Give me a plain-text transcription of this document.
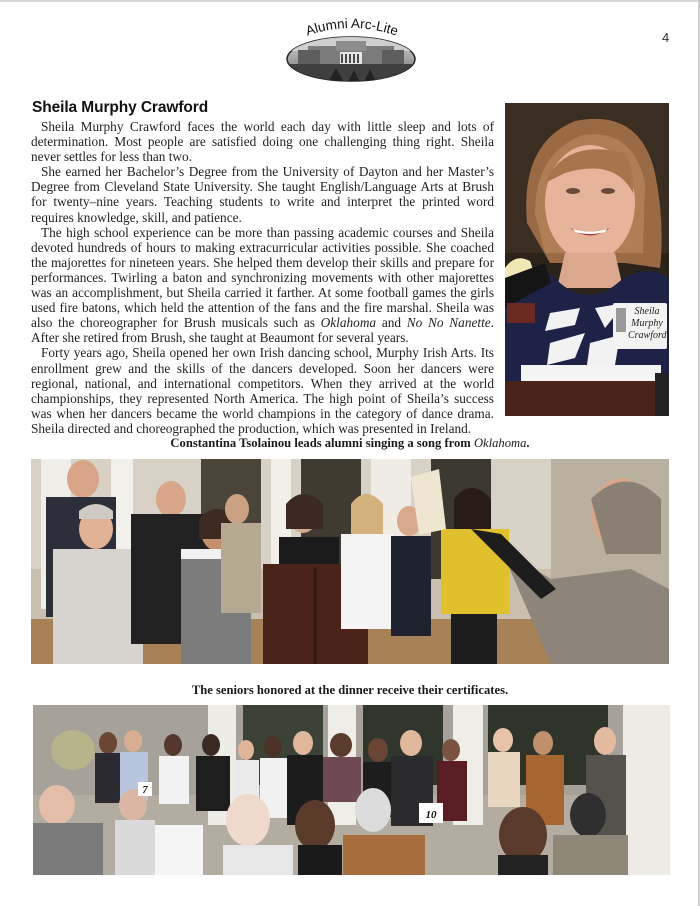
Alumni Arc-Lite	4
Sheila Murphy Crawford

Sheila Murphy Crawford faces the world each day with little sleep and lots of determination. Most people are satisfied doing one challenging thing right. Sheila never settles for less than two.

She earned her Bachelor’s Degree from the University of Dayton and her Master’s Degree from Cleveland State University. She taught English/Language Arts at Brush for twenty–nine years. Teaching students to write and interpret the printed word requires knowledge, skill, and patience.

The high school experience can be more than passing academic courses and Sheila devoted hundreds of hours to making extracurricular activities possible. She coached the majorettes for nineteen years. She helped them develop their skills and prepare for performances. Twirling a baton and synchronizing movements with other majorettes was an accomplishment, but Sheila carried it farther. At some football games the girls used fire batons, which held the attention of the fans and the fire marshal. Sheila was also the choreographer for Brush musicals such as Oklahoma and No No Nanette. After she retired from Brush, she taught at Beaumont for several years.

Forty years ago, Sheila opened her own Irish dancing school, Murphy Irish Arts. Its enrollment grew and the skills of the dancers developed. Soon her dancers were regional, national, and international competitors. When they arrived at the world championships, they represented North America. The high point of Sheila’s success was when her dancers became the world champions in the category of dance drama. Sheila directed and choreographed the production, which was presented in Ireland.

Sheila
Murphy
Crawford
Constantina Tsolainou leads alumni singing a song from Oklahoma.
The seniors honored at the dinner receive their certificates.
10
7
